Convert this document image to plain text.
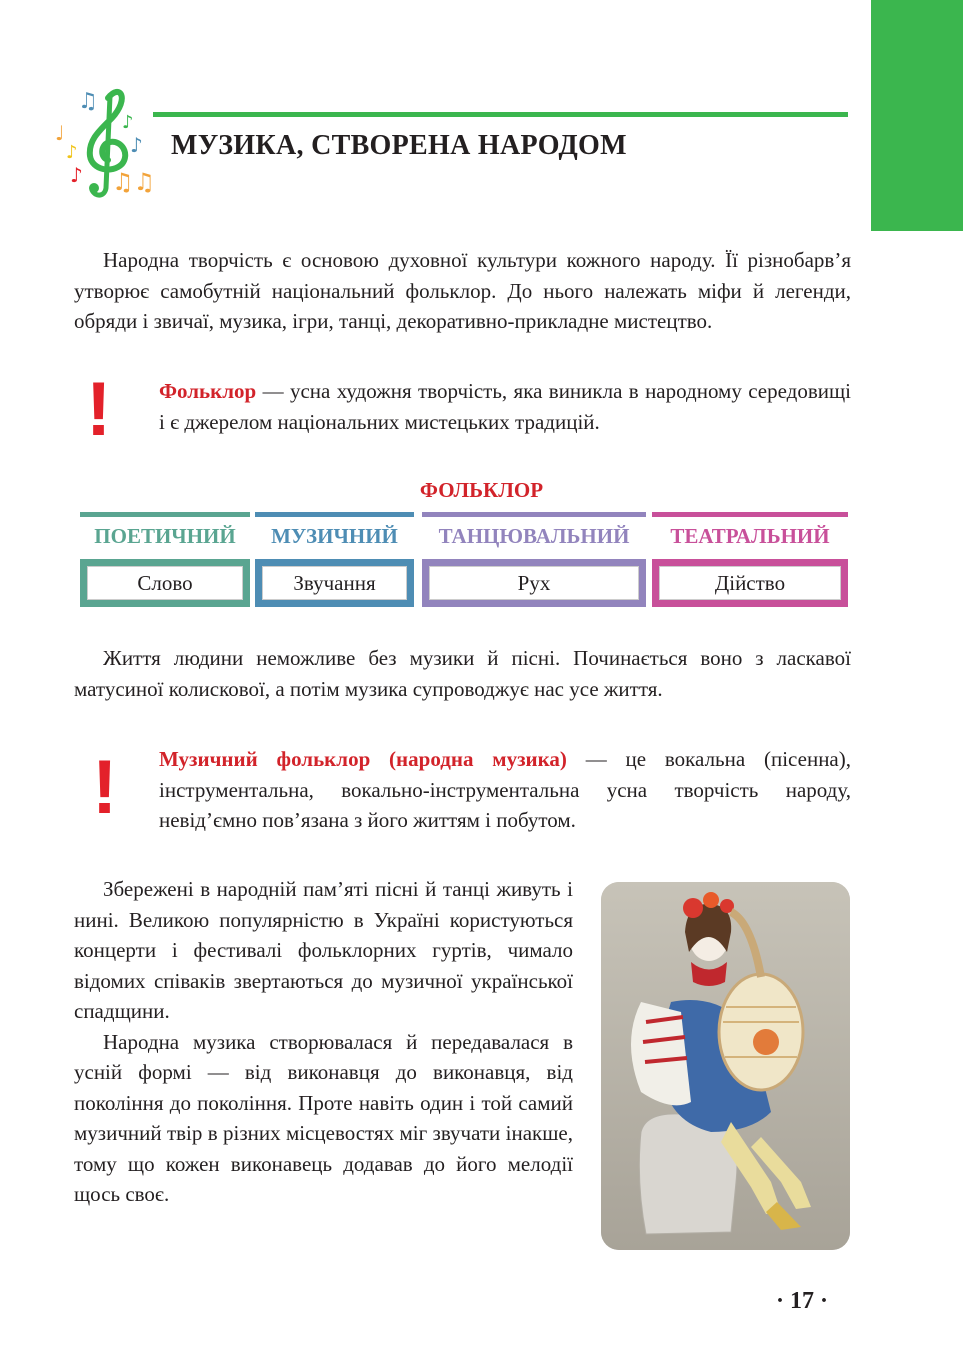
♫
♩
♪
♪
♪
♪
♫♫
МУЗИКА, СТВОРЕНА НАРОДОМ

Народна творчість є основою духовної культури кожного народу. Її різнобарв’я утворює самобутній національний фольклор. До нього належать міфи й легенди, обряди і звичаї, музика, ігри, танці, декоративно-прикладне мистецтво.

! Фольклор — усна художня творчість, яка виникла в народному середовищі і є джерелом національних мистецьких традицій.
ФОЛЬКЛОР
ПОЕТИЧНИЙ
Слово
МУЗИЧНИЙ
Звучання
ТАНЦЮВАЛЬНИЙ
Рух
ТЕАТРАЛЬНИЙ
Дійство

Життя людини неможливе без музики й пісні. Починається воно з ласкавої матусиної колискової, а потім музика супроводжує нас усе життя.

! Музичний фольклор (народна музика) — це вокальна (пісенна), інструментальна, вокально-інструментальна усна творчість народу, невід’ємно пов’язана з його життям і побутом.

Збережені в народній пам’яті пісні й танці живуть і нині. Великою популярністю в Україні користуються концерти і фестивалі фольклорних гуртів, чимало відомих співаків звертаються до музичної української спадщини.

Народна музика створювалася й передавалася в усній формі — від виконавця до виконавця, від покоління до покоління. Проте навіть один і той самий музичний твір в різних місцевостях міг звучати інакше, тому що кожен виконавець додавав до його мелодії щось своє.

· 17 ·
